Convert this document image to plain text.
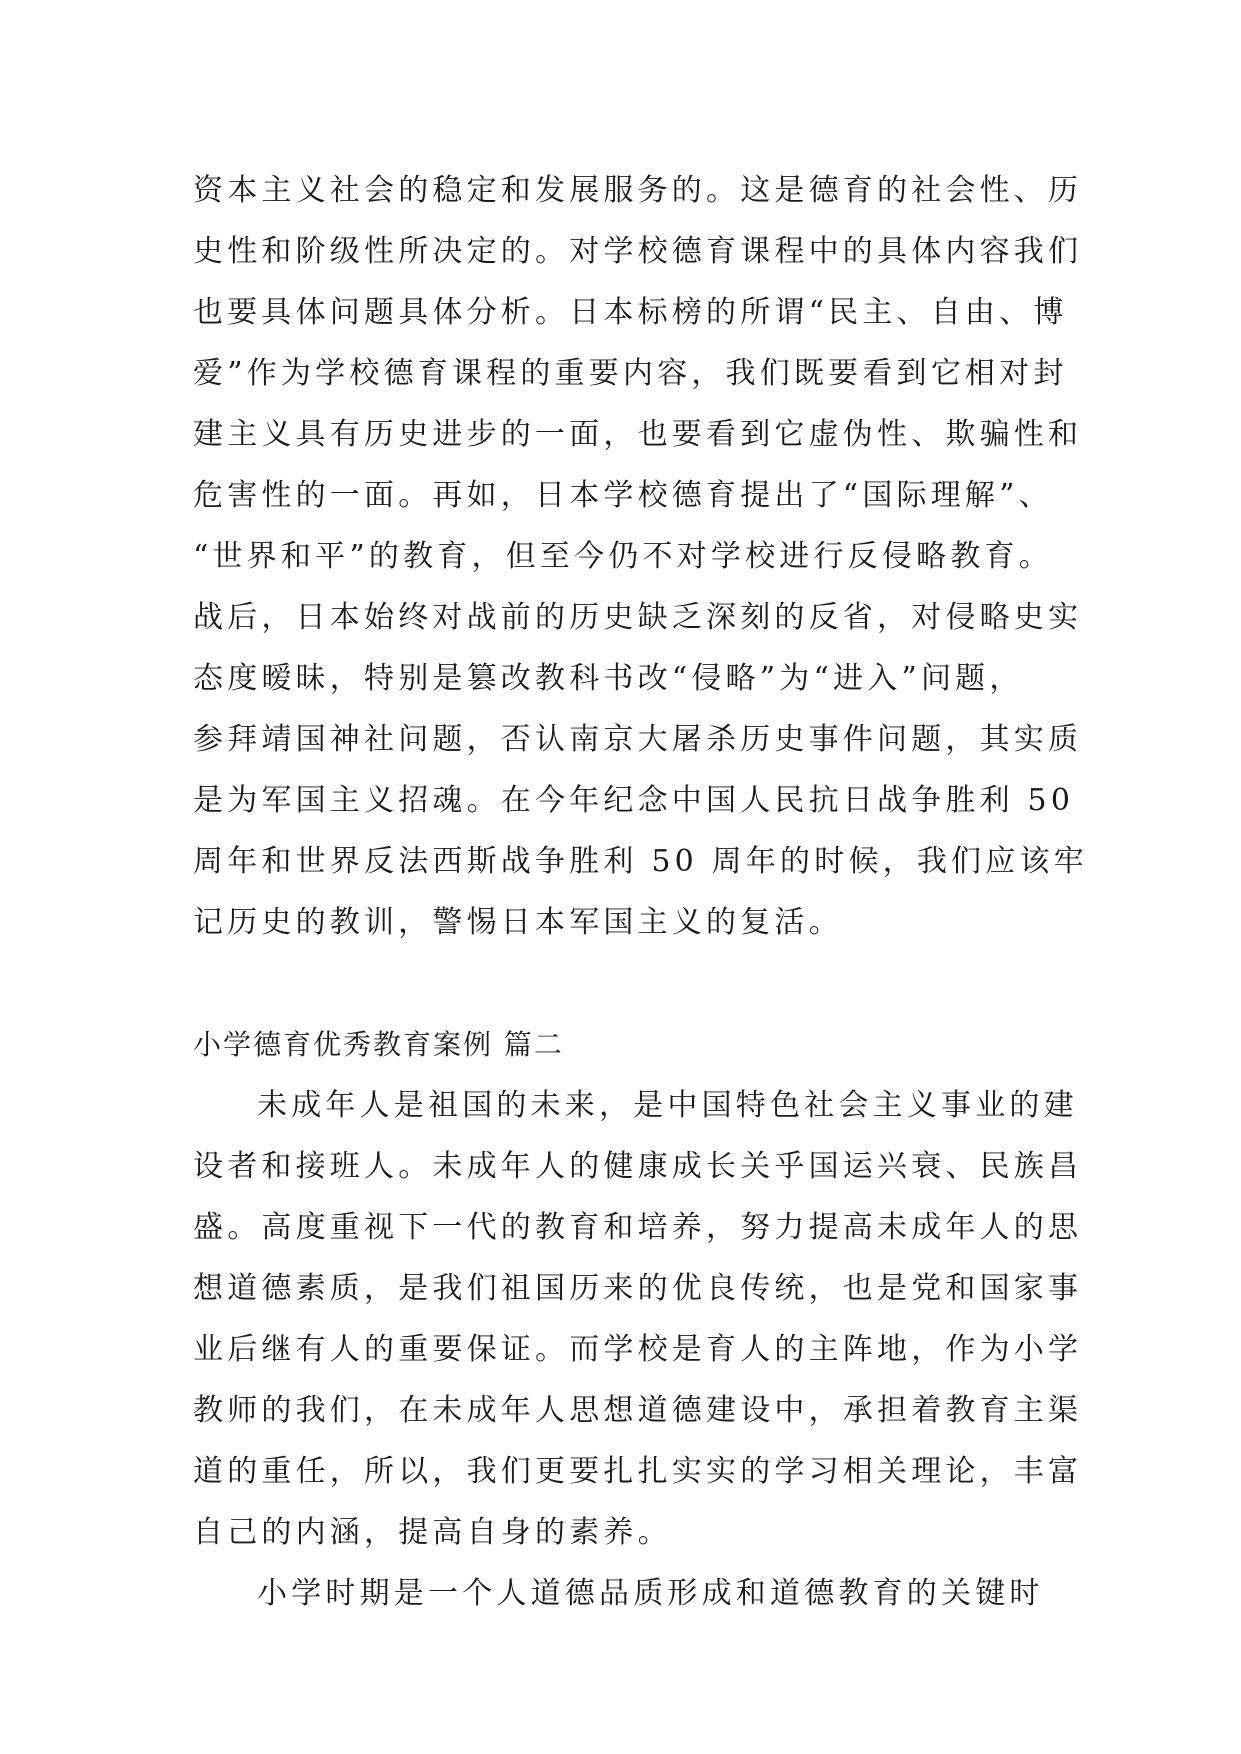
资本主义社会的稳定和发展服务的。这是德育的社会性、历
史性和阶级性所决定的。对学校德育课程中的具体内容我们
也要具体问题具体分析。日本标榜的所谓“民主、自由、博
爱”作为学校德育课程的重要内容，我们既要看到它相对封
建主义具有历史进步的一面，也要看到它虚伪性、欺骗性和
危害性的一面。再如，日本学校德育提出了“国际理解”、
“世界和平”的教育，但至今仍不对学校进行反侵略教育。
战后，日本始终对战前的历史缺乏深刻的反省，对侵略史实
态度暧昧，特别是篡改教科书改“侵略”为“进入”问题，
参拜靖国神社问题，否认南京大屠杀历史事件问题，其实质
是为军国主义招魂。在今年纪念中国人民抗日战争胜利 50
周年和世界反法西斯战争胜利 50 周年的时候，我们应该牢
记历史的教训，警惕日本军国主义的复活。
小学德育优秀教育案例 篇二
未成年人是祖国的未来，是中国特色社会主义事业的建
设者和接班人。未成年人的健康成长关乎国运兴衰、民族昌
盛。高度重视下一代的教育和培养，努力提高未成年人的思
想道德素质，是我们祖国历来的优良传统，也是党和国家事
业后继有人的重要保证。而学校是育人的主阵地，作为小学
教师的我们，在未成年人思想道德建设中，承担着教育主渠
道的重任，所以，我们更要扎扎实实的学习相关理论，丰富
自己的内涵，提高自身的素养。
小学时期是一个人道德品质形成和道德教育的关键时
